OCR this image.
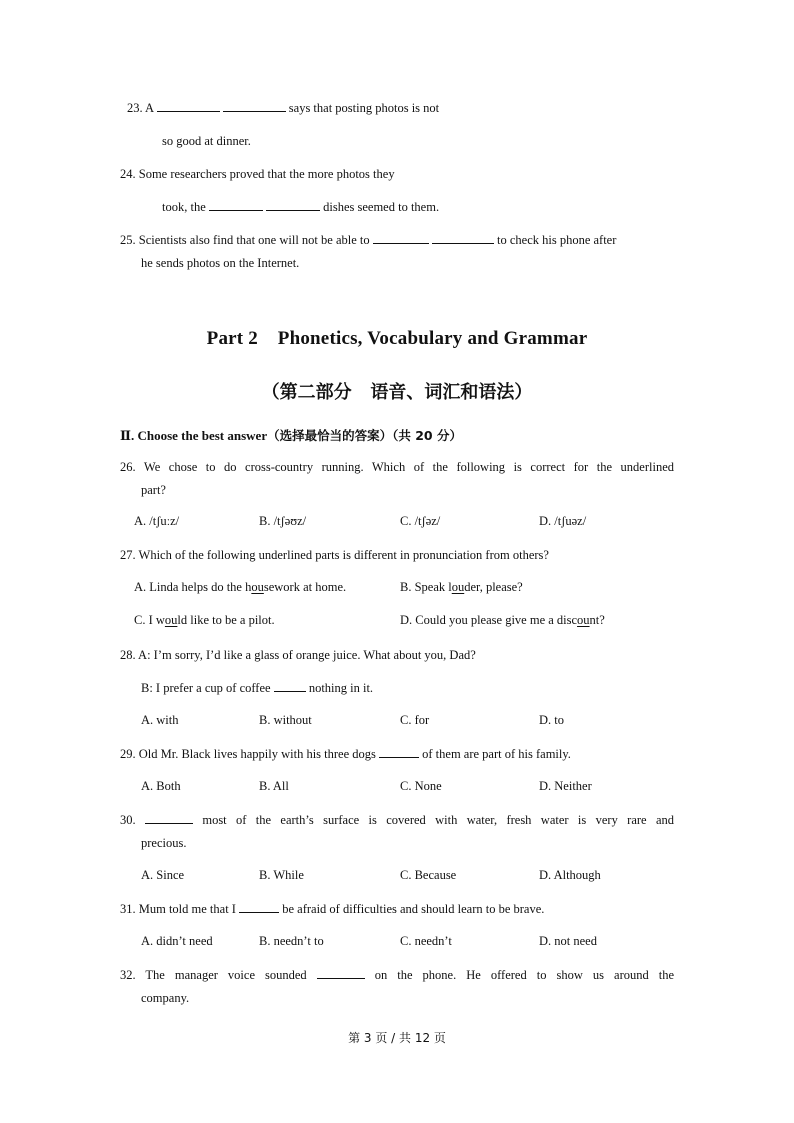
23. A	says that posting photos is not
so good at dinner.
24. Some researchers proved that the more photos they
took, the	dishes seemed to them.
25. Scientists also find that one will not be able to	to check his phone after
he sends photos on the Internet.
Part 2    Phonetics, Vocabulary and Grammar
（第二部分   语音、词汇和语法）
Ⅱ. Choose the best answer（选择最恰当的答案）（共 20 分）
26. We chose to do cross-country running. Which of the following is correct for the underlined
part?
A. /tʃuːz/	B. /tʃəʊz/	C. /tʃəz/	D. /tʃuəz/
27. Which of the following underlined parts is different in pronunciation from others?
A. Linda helps do the housework at home.	B. Speak louder, please?
C. I would like to be a pilot.	D. Could you please give me a discount?
28. A: I’m sorry, I’d like a glass of orange juice. What about you, Dad?
B: I prefer a cup of coffee	nothing in it.
A. with	B. without	C. for	D. to
29. Old Mr. Black lives happily with his three dogs	of them are part of his family.
A. Both	B. All	C. None	D. Neither
30.	most of the earth’s surface is covered with water, fresh water is very rare and
precious.
A. Since	B. While	C. Because	D. Although
31. Mum told me that I	be afraid of difficulties and should learn to be brave.
A. didn’t need	B. needn’t to	C. needn’t	D. not need
32. The manager voice sounded	on the phone. He offered to show us around the
company.
第 3 页 / 共 12 页
